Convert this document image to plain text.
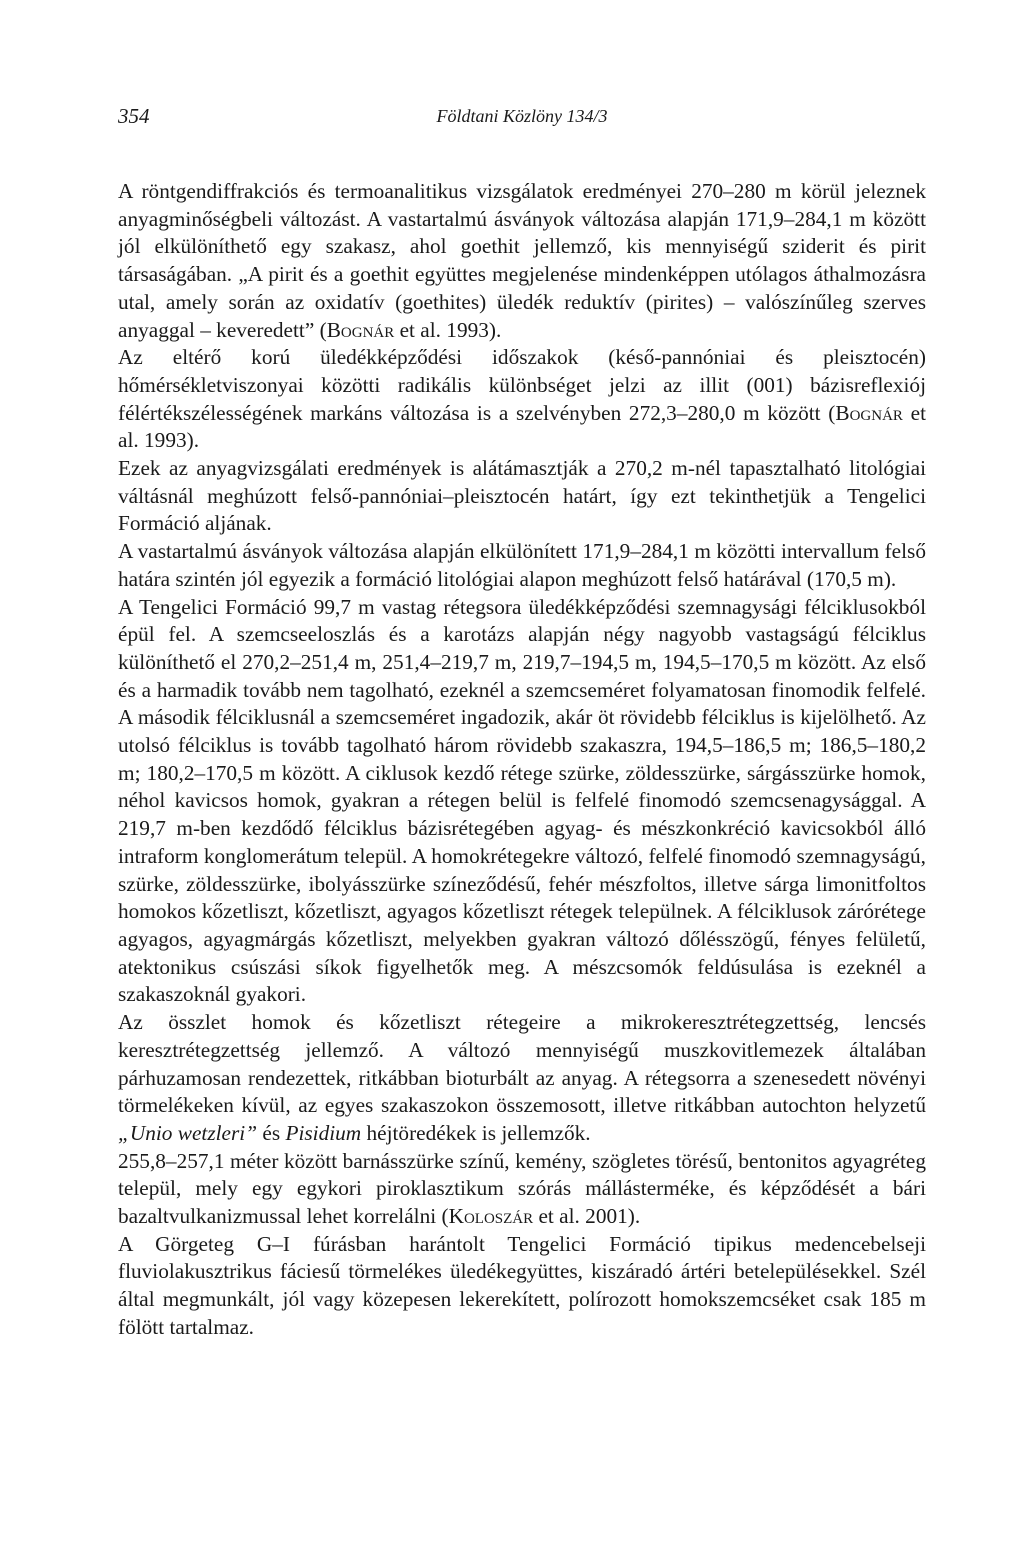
354	Földtani Közlöny 134/3

A röntgendiffrakciós és termoanalitikus vizsgálatok eredményei 270–280 m körül jeleznek anyagminőségbeli változást. A vastartalmú ásványok változása alapján 171,9–284,1 m között jól elkülöníthető egy szakasz, ahol goethit jellemző, kis mennyiségű sziderit és pirit társaságában. „A pirit és a goethit együttes megjelenése mindenképpen utólagos áthalmozásra utal, amely során az oxidatív (goethites) üledék reduktív (pirites) – valószínűleg szerves anyaggal – keveredett” (Bognár et al. 1993).

Az eltérő korú üledékképződési időszakok (késő-pannóniai és pleisztocén) hőmérsékletviszonyai közötti radikális különbséget jelzi az illit (001) bázisreflexiój félértékszélességének markáns változása is a szelvényben 272,3–280,0 m között (Bognár et al. 1993).

Ezek az anyagvizsgálati eredmények is alátámasztják a 270,2 m-nél tapasztalható litológiai váltásnál meghúzott felső-pannóniai–pleisztocén határt, így ezt tekinthetjük a Tengelici Formáció aljának.

A vastartalmú ásványok változása alapján elkülönített 171,9–284,1 m közötti intervallum felső határa szintén jól egyezik a formáció litológiai alapon meghúzott felső határával (170,5 m).

A Tengelici Formáció 99,7 m vastag rétegsora üledékképződési szemnagysági félciklusokból épül fel. A szemcseeloszlás és a karotázs alapján négy nagyobb vastagságú félciklus különíthető el 270,2–251,4 m, 251,4–219,7 m, 219,7–194,5 m, 194,5–170,5 m között. Az első és a harmadik tovább nem tagolható, ezeknél a szemcseméret folyamatosan finomodik felfelé. A második félciklusnál a szemcseméret ingadozik, akár öt rövidebb félciklus is kijelölhető. Az utolsó félciklus is tovább tagolható három rövidebb szakaszra, 194,5–186,5 m; 186,5–180,2 m; 180,2–170,5 m között. A ciklusok kezdő rétege szürke, zöldesszürke, sárgásszürke homok, néhol kavicsos homok, gyakran a rétegen belül is felfelé finomodó szemcsenagysággal. A 219,7 m-ben kezdődő félciklus bázisrétegében agyag- és mészkonkréció kavicsokból álló intraform konglomerátum települ. A homokrétegekre változó, felfelé finomodó szemnagyságú, szürke, zöldesszürke, ibolyásszürke színeződésű, fehér mészfoltos, illetve sárga limonitfoltos homokos kőzetliszt, kőzetliszt, agyagos kőzetliszt rétegek települnek. A félciklusok zárórétege agyagos, agyagmárgás kőzetliszt, melyekben gyakran változó dőlésszögű, fényes felületű, atektonikus csúszási síkok figyelhetők meg. A mészcsomók feldúsulása is ezeknél a szakaszoknál gyakori.

Az összlet homok és kőzetliszt rétegeire a mikrokeresztrétegzettség, lencsés keresztrétegzettség jellemző. A változó mennyiségű muszkovitlemezek általában párhuzamosan rendezettek, ritkábban bioturbált az anyag. A rétegsorra a szenesedett növényi törmelékeken kívül, az egyes szakaszokon összemosott, illetve ritkábban autochton helyzetű „Unio wetzleri” és Pisidium héjtöredékek is jellemzők.

255,8–257,1 méter között barnásszürke színű, kemény, szögletes törésű, bentonitos agyagréteg települ, mely egy egykori piroklasztikum szórás mállásterméke, és képződését a bári bazaltvulkanizmussal lehet korrelálni (Koloszár et al. 2001).

A Görgeteg G–I fúrásban harántolt Tengelici Formáció tipikus medencebelseji fluviolakusztrikus fáciesű törmelékes üledékegyüttes, kiszáradó ártéri betelepülésekkel. Szél által megmunkált, jól vagy közepesen lekerekített, polírozott homokszemcséket csak 185 m fölött tartalmaz.
